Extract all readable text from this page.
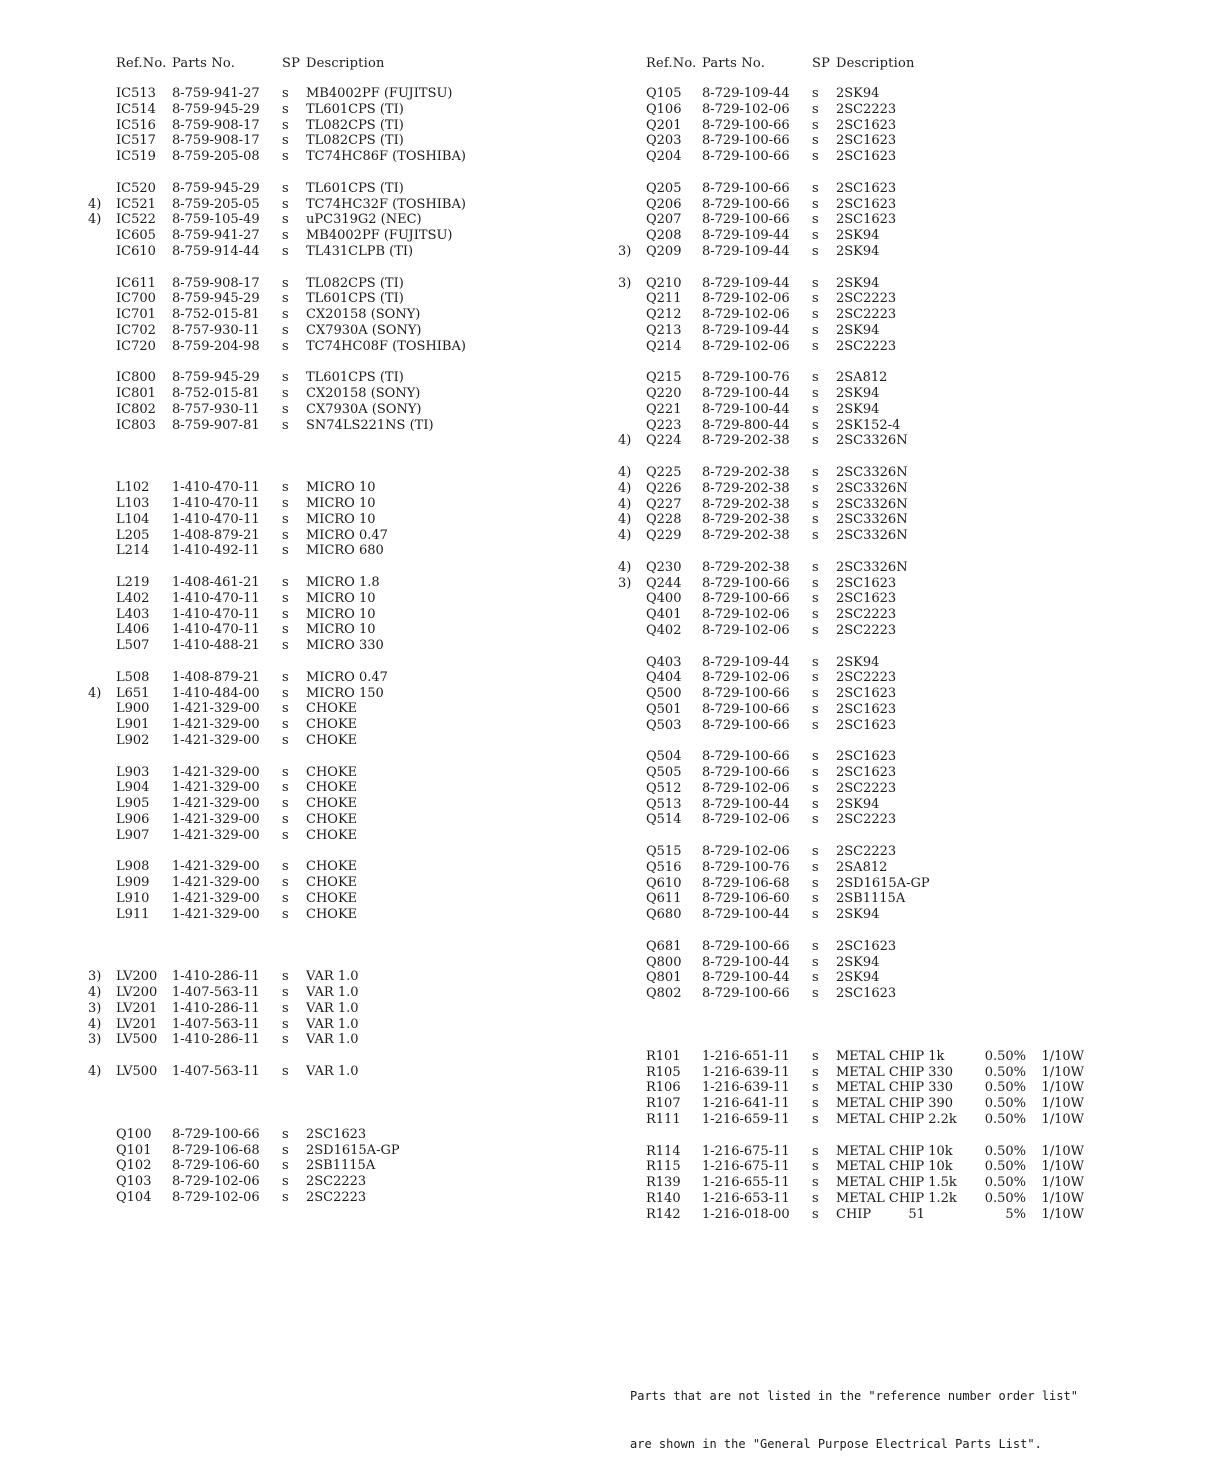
Ref.No. Parts No.	SP Description
IC513	8-759-941-27	s	MB4002PF (FUJITSU)
IC514	8-759-945-29	s	TL601CPS (TI)
IC516	8-759-908-17	s	TL082CPS (TI)
IC517	8-759-908-17	s	TL082CPS (TI)
IC519	8-759-205-08	s	TC74HC86F (TOSHIBA)
IC520	8-759-945-29	s	TL601CPS (TI)
4)	IC521	8-759-205-05	s	TC74HC32F (TOSHIBA)
4)	IC522	8-759-105-49	s	uPC319G2 (NEC)
IC605	8-759-941-27	s	MB4002PF (FUJITSU)
IC610	8-759-914-44	s	TL431CLPB (TI)
IC611	8-759-908-17	s	TL082CPS (TI)
IC700	8-759-945-29	s	TL601CPS (TI)
IC701	8-752-015-81	s	CX20158 (SONY)
IC702	8-757-930-11	s	CX7930A (SONY)
IC720	8-759-204-98	s	TC74HC08F (TOSHIBA)
IC800	8-759-945-29	s	TL601CPS (TI)
IC801	8-752-015-81	s	CX20158 (SONY)
IC802	8-757-930-11	s	CX7930A (SONY)
IC803	8-759-907-81	s	SN74LS221NS (TI)
L102	1-410-470-11	s	MICRO 10
L103	1-410-470-11	s	MICRO 10
L104	1-410-470-11	s	MICRO 10
L205	1-408-879-21	s	MICRO 0.47
L214	1-410-492-11	s	MICRO 680
L219	1-408-461-21	s	MICRO 1.8
L402	1-410-470-11	s	MICRO 10
L403	1-410-470-11	s	MICRO 10
L406	1-410-470-11	s	MICRO 10
L507	1-410-488-21	s	MICRO 330
L508	1-408-879-21	s	MICRO 0.47
4)	L651	1-410-484-00	s	MICRO 150
L900	1-421-329-00	s	CHOKE
L901	1-421-329-00	s	CHOKE
L902	1-421-329-00	s	CHOKE
L903	1-421-329-00	s	CHOKE
L904	1-421-329-00	s	CHOKE
L905	1-421-329-00	s	CHOKE
L906	1-421-329-00	s	CHOKE
L907	1-421-329-00	s	CHOKE
L908	1-421-329-00	s	CHOKE
L909	1-421-329-00	s	CHOKE
L910	1-421-329-00	s	CHOKE
L911	1-421-329-00	s	CHOKE
3)	LV200	1-410-286-11	s	VAR 1.0
4)	LV200	1-407-563-11	s	VAR 1.0
3)	LV201	1-410-286-11	s	VAR 1.0
4)	LV201	1-407-563-11	s	VAR 1.0
3)	LV500	1-410-286-11	s	VAR 1.0
4)	LV500	1-407-563-11	s	VAR 1.0
Q100	8-729-100-66	s	2SC1623
Q101	8-729-106-68	s	2SD1615A-GP
Q102	8-729-106-60	s	2SB1115A
Q103	8-729-102-06	s	2SC2223
Q104	8-729-102-06	s	2SC2223
Ref.No. Parts No.	SP Description
Q105	8-729-109-44	s	2SK94
Q106	8-729-102-06	s	2SC2223
Q201	8-729-100-66	s	2SC1623
Q203	8-729-100-66	s	2SC1623
Q204	8-729-100-66	s	2SC1623
Q205	8-729-100-66	s	2SC1623
Q206	8-729-100-66	s	2SC1623
Q207	8-729-100-66	s	2SC1623
Q208	8-729-109-44	s	2SK94
3)	Q209	8-729-109-44	s	2SK94
3)	Q210	8-729-109-44	s	2SK94
Q211	8-729-102-06	s	2SC2223
Q212	8-729-102-06	s	2SC2223
Q213	8-729-109-44	s	2SK94
Q214	8-729-102-06	s	2SC2223
Q215	8-729-100-76	s	2SA812
Q220	8-729-100-44	s	2SK94
Q221	8-729-100-44	s	2SK94
Q223	8-729-800-44	s	2SK152-4
4)	Q224	8-729-202-38	s	2SC3326N
4)	Q225	8-729-202-38	s	2SC3326N
4)	Q226	8-729-202-38	s	2SC3326N
4)	Q227	8-729-202-38	s	2SC3326N
4)	Q228	8-729-202-38	s	2SC3326N
4)	Q229	8-729-202-38	s	2SC3326N
4)	Q230	8-729-202-38	s	2SC3326N
3)	Q244	8-729-100-66	s	2SC1623
Q400	8-729-100-66	s	2SC1623
Q401	8-729-102-06	s	2SC2223
Q402	8-729-102-06	s	2SC2223
Q403	8-729-109-44	s	2SK94
Q404	8-729-102-06	s	2SC2223
Q500	8-729-100-66	s	2SC1623
Q501	8-729-100-66	s	2SC1623
Q503	8-729-100-66	s	2SC1623
Q504	8-729-100-66	s	2SC1623
Q505	8-729-100-66	s	2SC1623
Q512	8-729-102-06	s	2SC2223
Q513	8-729-100-44	s	2SK94
Q514	8-729-102-06	s	2SC2223
Q515	8-729-102-06	s	2SC2223
Q516	8-729-100-76	s	2SA812
Q610	8-729-106-68	s	2SD1615A-GP
Q611	8-729-106-60	s	2SB1115A
Q680	8-729-100-44	s	2SK94
Q681	8-729-100-66	s	2SC1623
Q800	8-729-100-44	s	2SK94
Q801	8-729-100-44	s	2SK94
Q802	8-729-100-66	s	2SC1623
R101	1-216-651-11	s	METAL CHIP 1k	0.50% 1/10W
R105	1-216-639-11	s	METAL CHIP 330 0.50% 1/10W
R106	1-216-639-11	s	METAL CHIP 330 0.50% 1/10W
R107	1-216-641-11	s	METAL CHIP 390 0.50% 1/10W
R111	1-216-659-11	s	METAL CHIP 2.2k 0.50% 1/10W
R114	1-216-675-11	s	METAL CHIP 10k 0.50% 1/10W
R115	1-216-675-11	s	METAL CHIP 10k 0.50% 1/10W
R139	1-216-655-11	s	METAL CHIP 1.5k 0.50% 1/10W
R140	1-216-653-11	s	METAL CHIP 1.2k 0.50% 1/10W
R142	1-216-018-00	s	CHIP         51	5% 1/10W

Parts that are not listed in the "reference number order list"

are shown in the "General Purpose Electrical Parts List".
